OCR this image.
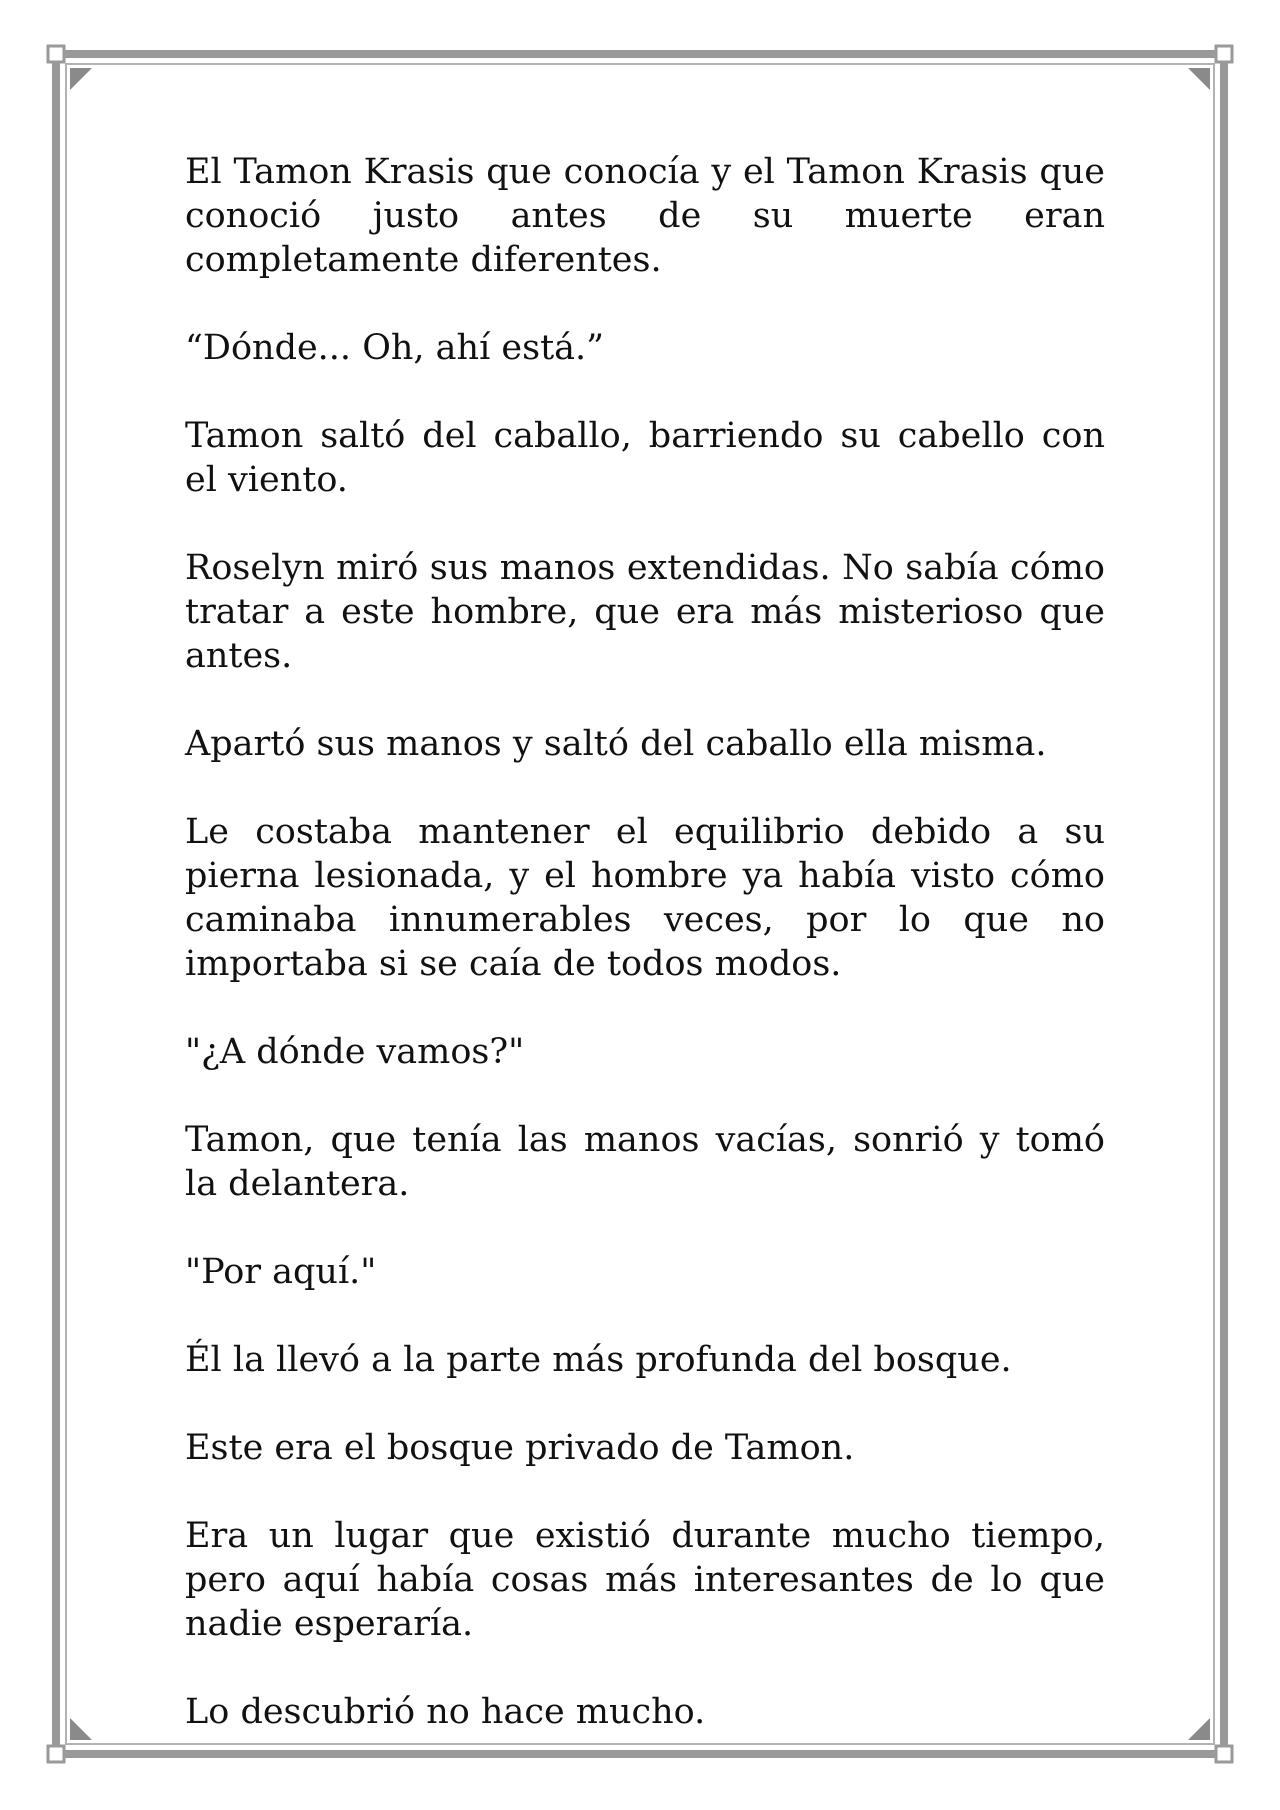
El Tamon Krasis que conocía y el Tamon Krasis que conoció justo antes de su muerte eran completamente diferentes.

“Dónde... Oh, ahí está.”

Tamon saltó del caballo, barriendo su cabello con el viento.

Roselyn miró sus manos extendidas. No sabía cómo tratar a este hombre, que era más misterioso que antes.

Apartó sus manos y saltó del caballo ella misma.

Le costaba mantener el equilibrio debido a su pierna lesionada, y el hombre ya había visto cómo caminaba innumerables veces, por lo que no importaba si se caía de todos modos.

"¿A dónde vamos?"

Tamon, que tenía las manos vacías, sonrió y tomó la delantera.

"Por aquí."

Él la llevó a la parte más profunda del bosque.

Este era el bosque privado de Tamon.

Era un lugar que existió durante mucho tiempo, pero aquí había cosas más interesantes de lo que nadie esperaría.

Lo descubrió no hace mucho.
